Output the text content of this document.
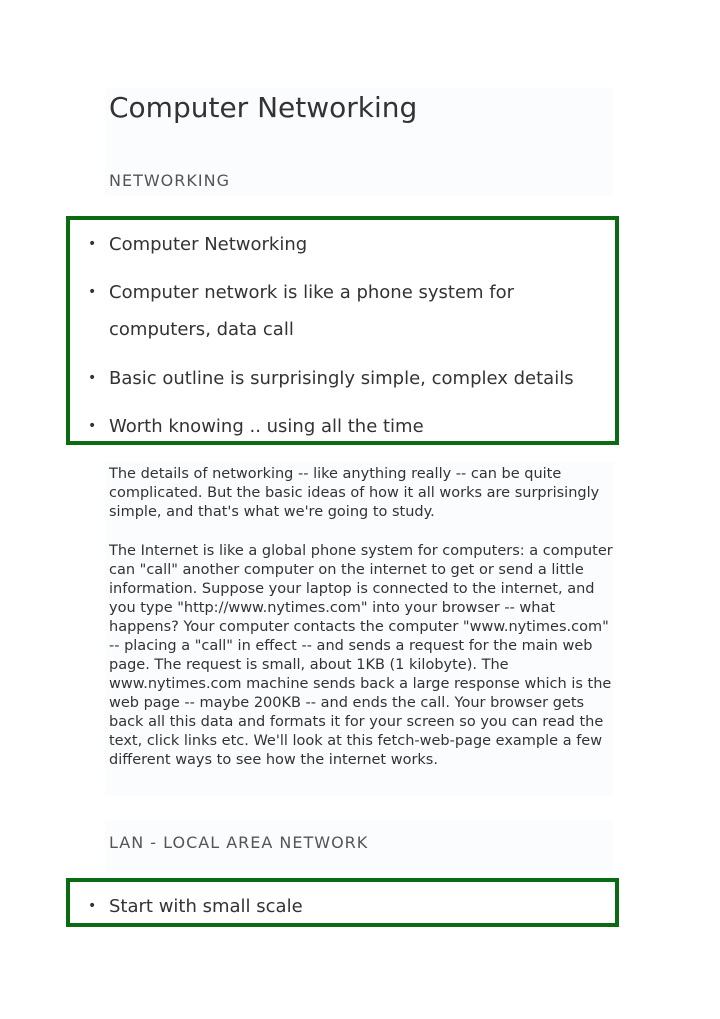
Computer Networking
NETWORKING
• Computer Networking
• Computer network is like a phone system for computers, data call
• Basic outline is surprisingly simple, complex details
• Worth knowing .. using all the time

The details of networking -- like anything really -- can be quite complicated. But the basic ideas of how it all works are surprisingly simple, and that's what we're going to study.

The Internet is like a global phone system for computers: a computer can "call" another computer on the internet to get or send a little information. Suppose your laptop is connected to the internet, and you type "http://www.nytimes.com" into your browser -- what happens? Your computer contacts the computer "www.nytimes.com" -- placing a "call" in effect -- and sends a request for the main web page. The request is small, about 1KB (1 kilobyte). The www.nytimes.com machine sends back a large response which is the web page -- maybe 200KB -- and ends the call. Your browser gets back all this data and formats it for your screen so you can read the text, click links etc. We'll look at this fetch-web-page example a few different ways to see how the internet works.

LAN - LOCAL AREA NETWORK
• Start with small scale
